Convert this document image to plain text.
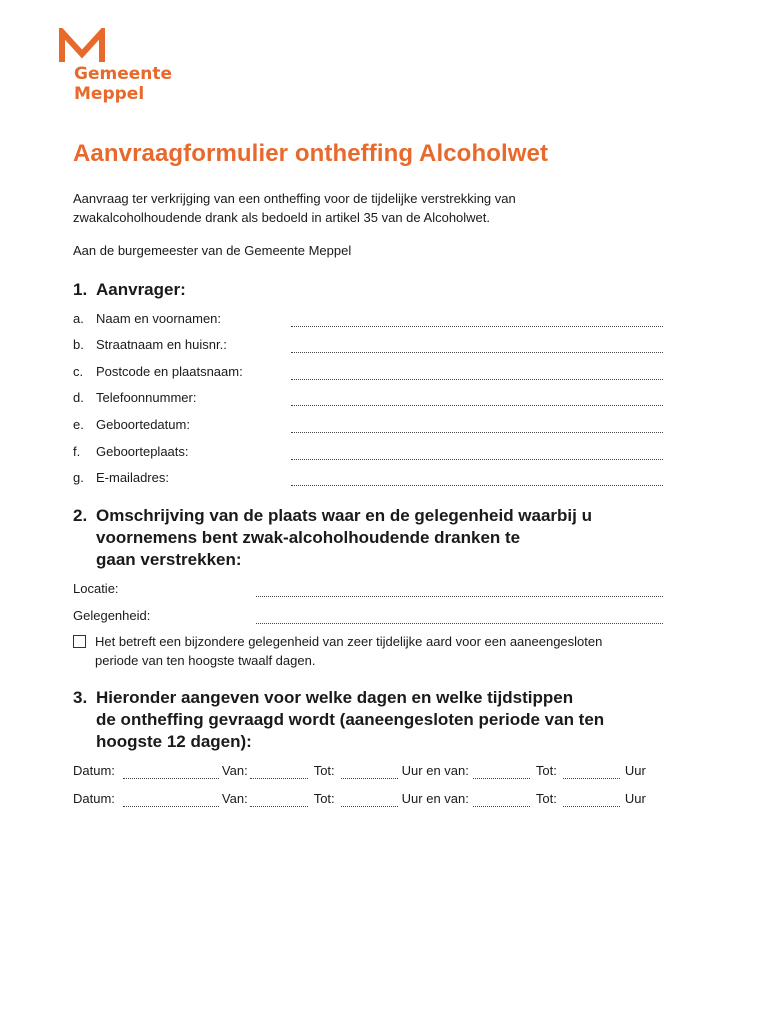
Gemeente
Meppel
Aanvraagformulier ontheffing Alcoholwet
Aanvraag ter verkrijging van een ontheffing voor de tijdelijke verstrekking van
zwakalcoholhoudende drank als bedoeld in artikel 35 van de Alcoholwet.
Aan de burgemeester van de Gemeente Meppel
1. Aanvrager:
a. Naam en voornamen:
b. Straatnaam en huisnr.:
c. Postcode en plaatsnaam:
d. Telefoonnummer:
e. Geboortedatum:
f.	Geboorteplaats:
g. E-mailadres:
2. Omschrijving van de plaats waar en de gelegenheid waarbij u
voornemens bent zwak-alcoholhoudende dranken te
gaan verstrekken:
Locatie:
Gelegenheid:
Het betreft een bijzondere gelegenheid van zeer tijdelijke aard voor een aaneengesloten
periode van ten hoogste twaalf dagen.
3. Hieronder aangeven voor welke dagen en welke tijdstippen
de ontheffing gevraagd wordt (aaneengesloten periode van ten
hoogste 12 dagen):
Datum:	Van:	Tot:	Uur en van:	Tot:	Uur
Datum:	Van:	Tot:	Uur en van:	Tot:	Uur
